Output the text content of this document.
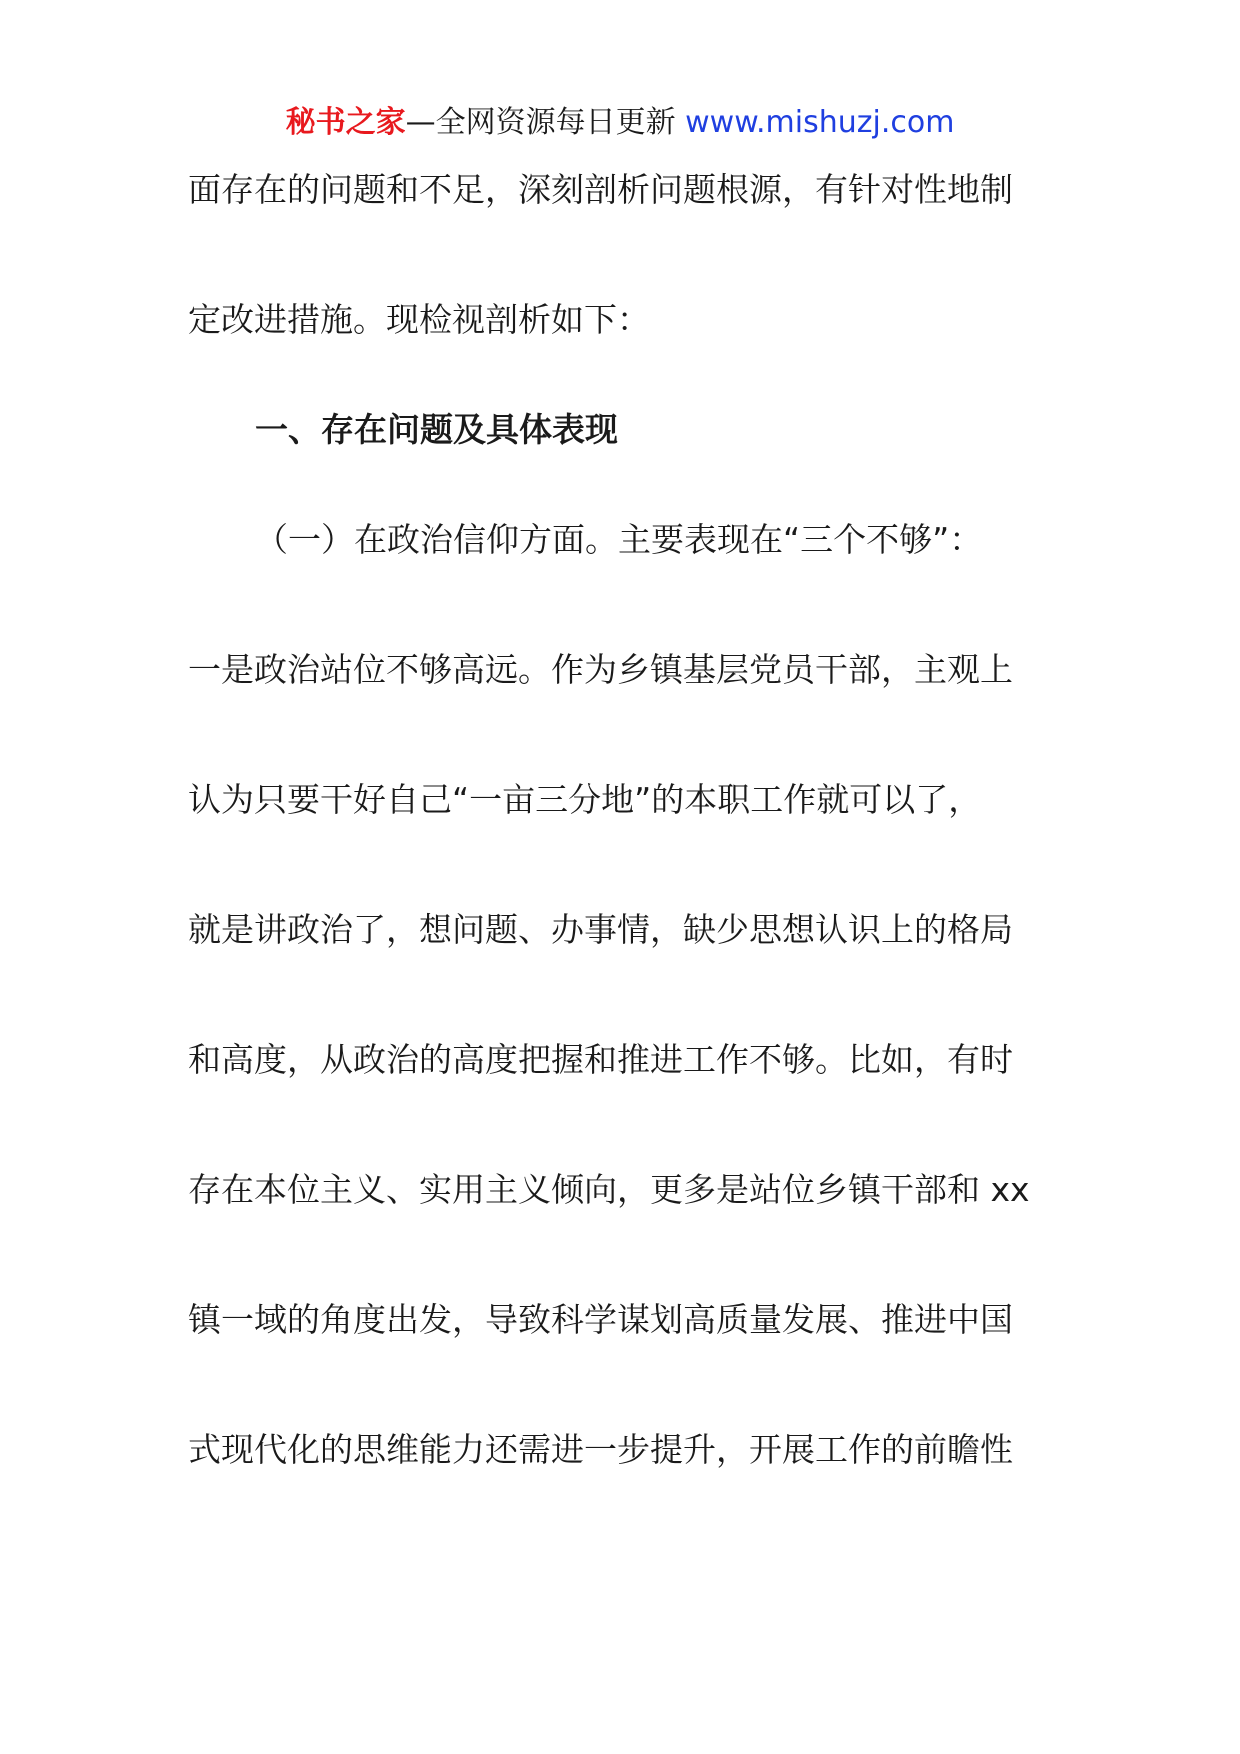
秘书之家—全网资源每日更新 www.mishuzj.com
面存在的问题和不足，深刻剖析问题根源，有针对性地制
定改进措施。现检视剖析如下：
一、存在问题及具体表现
（一）在政治信仰方面。主要表现在“三个不够”：
一是政治站位不够高远。作为乡镇基层党员干部，主观上
认为只要干好自己“一亩三分地”的本职工作就可以了，
就是讲政治了，想问题、办事情，缺少思想认识上的格局
和高度，从政治的高度把握和推进工作不够。比如，有时
存在本位主义、实用主义倾向，更多是站位乡镇干部和 xx
镇一域的角度出发，导致科学谋划高质量发展、推进中国
式现代化的思维能力还需进一步提升，开展工作的前瞻性
